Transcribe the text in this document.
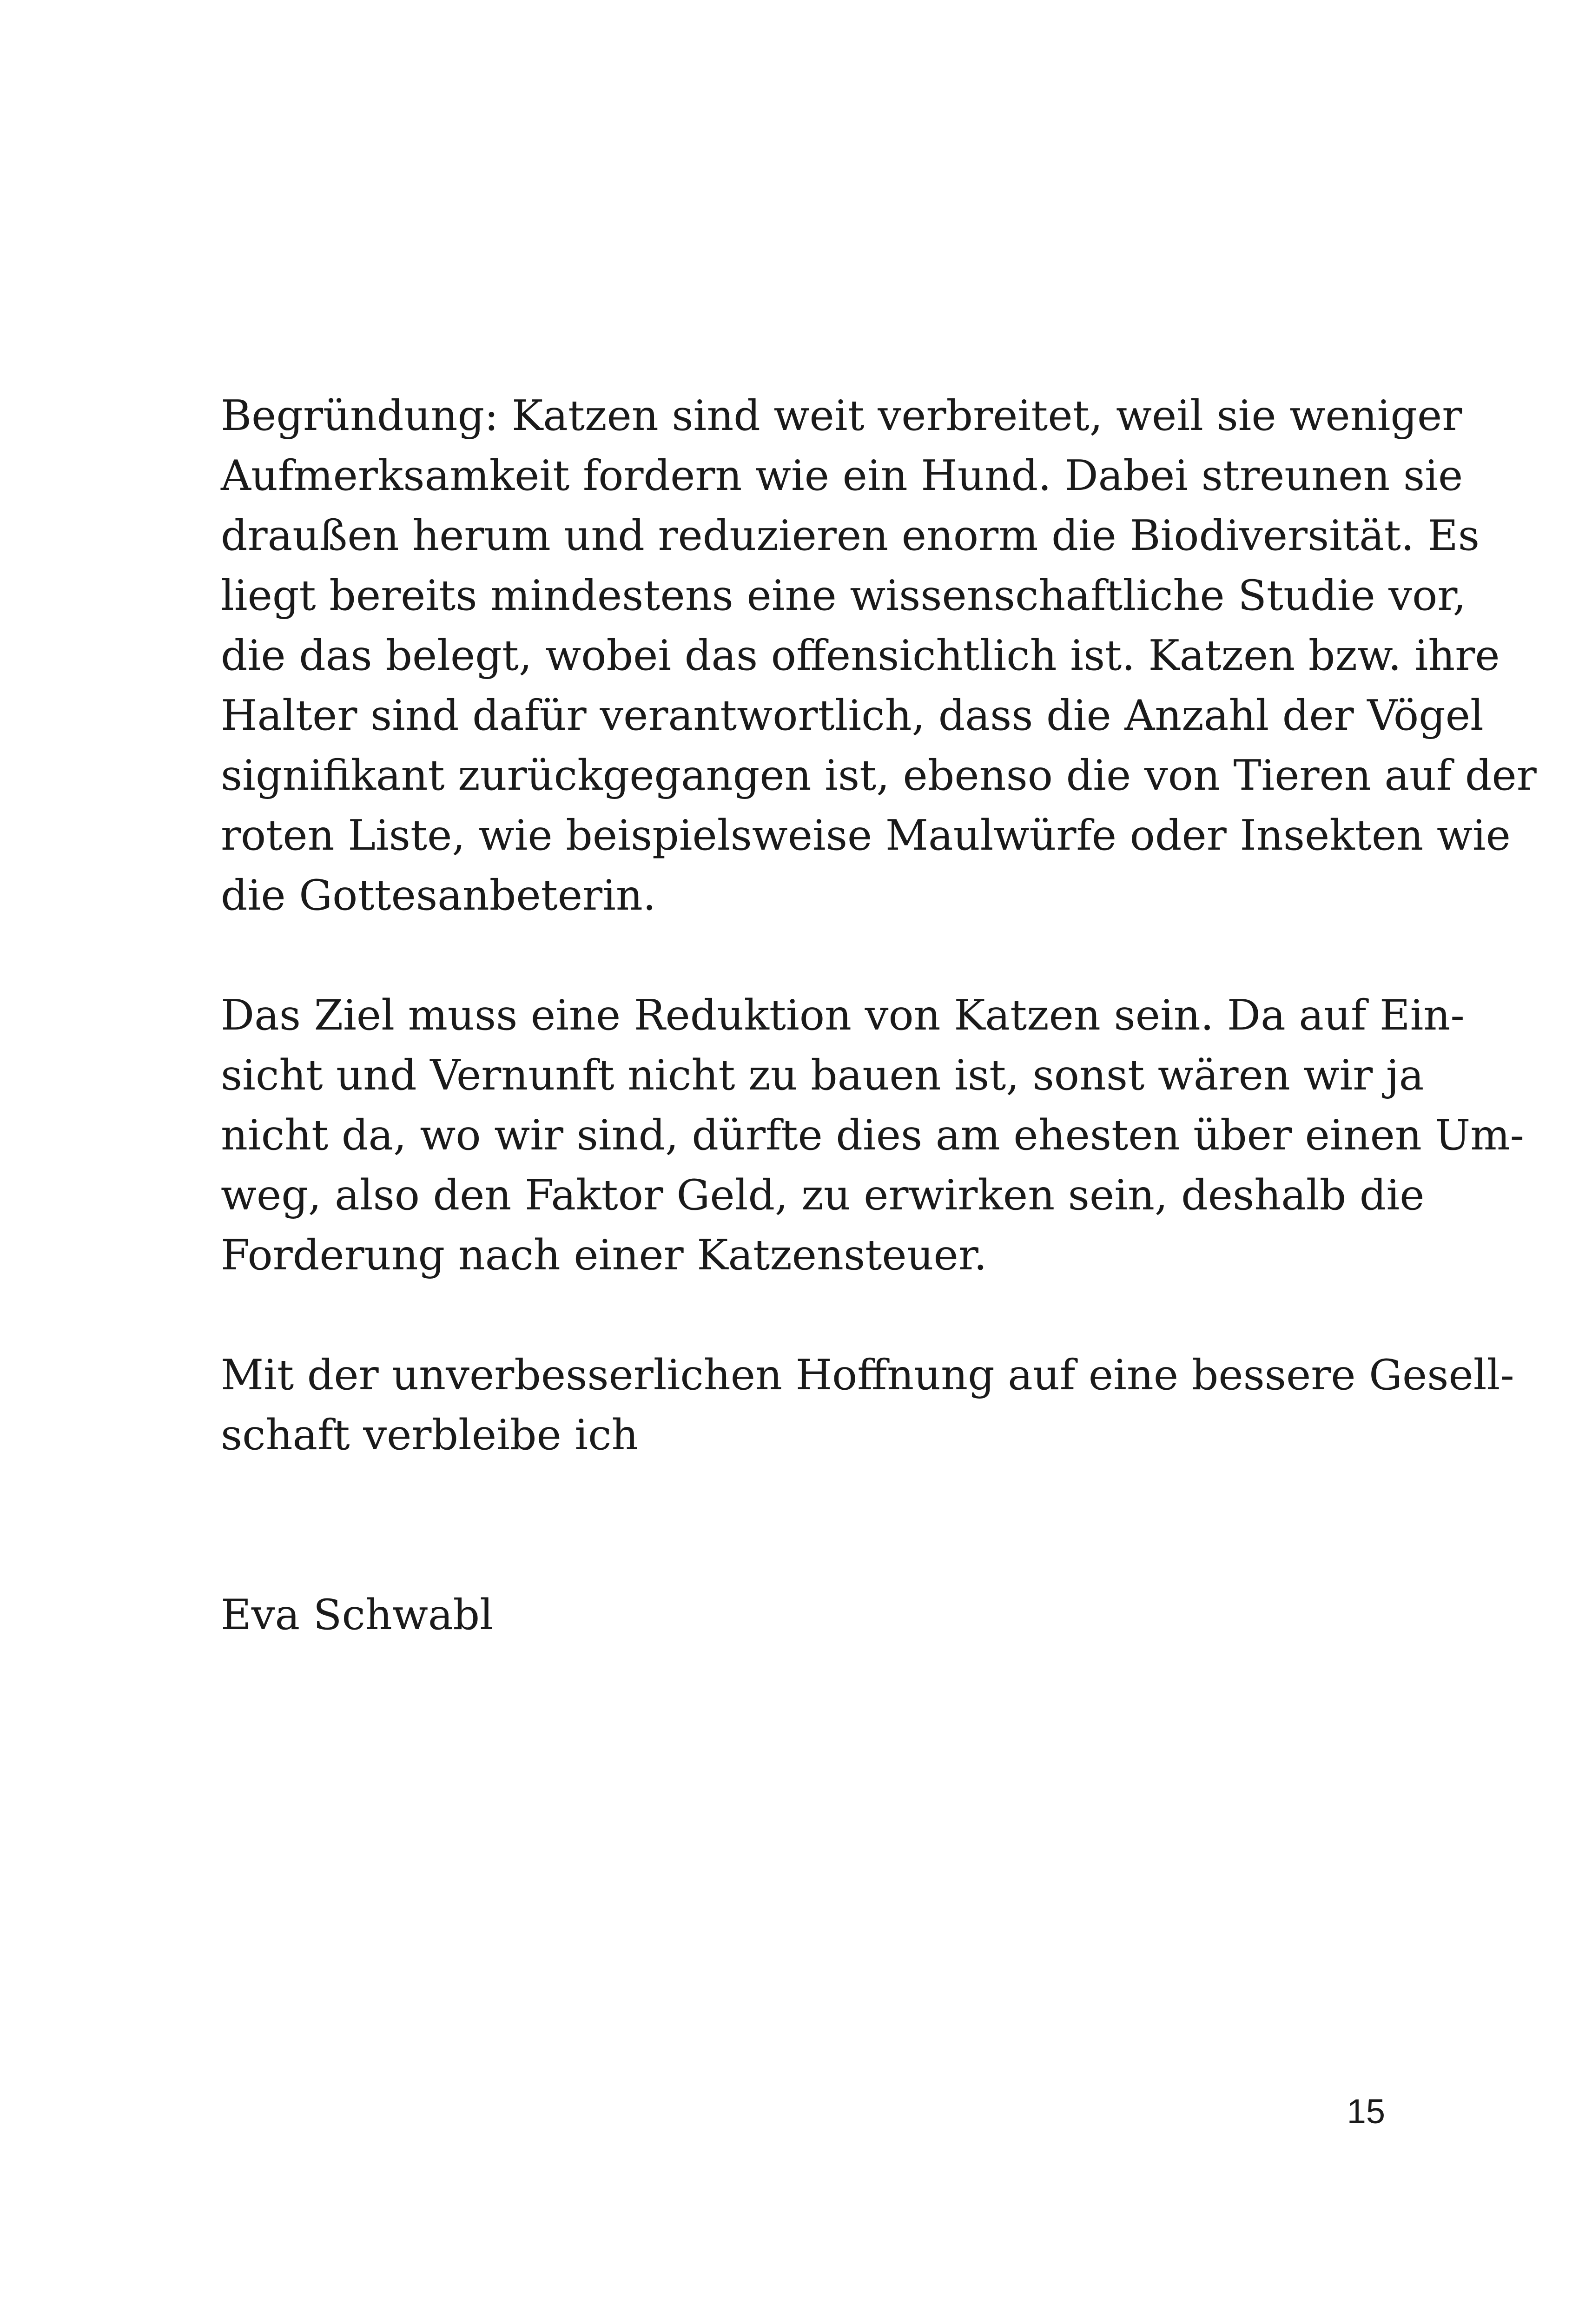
Begründung: Katzen sind weit verbreitet, weil sie weniger
Aufmerksamkeit fordern wie ein Hund. Dabei streunen sie
draußen herum und reduzieren enorm die Biodiversität. Es
liegt bereits mindestens eine wissenschaftliche Studie vor,
die das belegt, wobei das offensichtlich ist. Katzen bzw. ihre
Halter sind dafür verantwortlich, dass die Anzahl der Vögel
signifikant zurückgegangen ist, ebenso die von Tieren auf der
roten Liste, wie beispielsweise Maulwürfe oder Insekten wie
die Gottesanbeterin.
Das Ziel muss eine Reduktion von Katzen sein. Da auf Ein-
sicht und Vernunft nicht zu bauen ist, sonst wären wir ja
nicht da, wo wir sind, dürfte dies am ehesten über einen Um-
weg, also den Faktor Geld, zu erwirken sein, deshalb die
Forderung nach einer Katzensteuer.
Mit der unverbesserlichen Hoffnung auf eine bessere Gesell-
schaft verbleibe ich
Eva Schwabl
15
